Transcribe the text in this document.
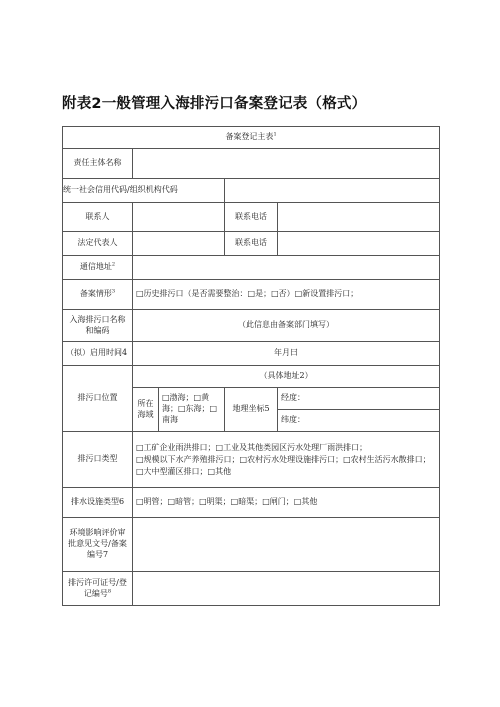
附表2一般管理入海排污口备案登记表（格式）
备案登记主表$^1$
责任主体名称				
统一社会信用代码/组织机构代码				
联系人			联系电话	
法定代表人			联系电话	
通信地址$^2$	
备案情形$^3$	□历史排污口（是否需要整治：□是；□否）□新设置排污口；			
入海排污口名称和编码	（此信息由备案部门填写）			
（拟）启用时间4	年月曰			
排污口位置	（具体地址2）			
	所在海域	□渤海；□黄海；□东海；□南海	地理坐标5	经度：
				纬度：
排污口类型	□工矿企业雨洪排口；□工业及其他类园区污水处理厂雨洪排口；
□规模以下水产养殖排污口；□农村污水处理设施排污口；□农村生活污水散排口；□大中型灌区排口；□其他			

排水设施类型6	□明管；□暗管；□明渠；□暗渠；□闸门；□其他			
环境影响评价审批意见文号/备案编号7				
排污许可证号/登记编号$^8$	
